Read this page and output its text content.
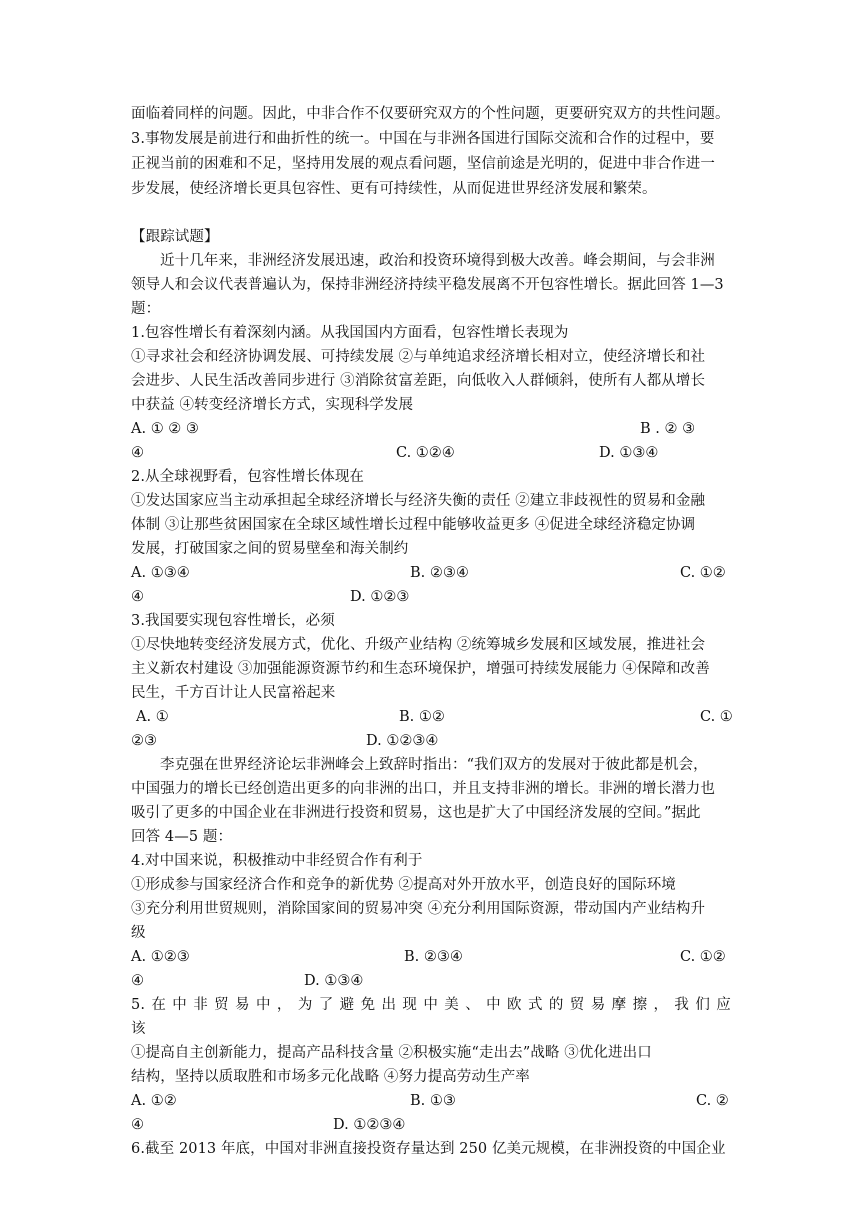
面临着同样的问题。因此，中非合作不仅要研究双方的个性问题，更要研究双方的共性问题。
3.事物发展是前进行和曲折性的统一。中国在与非洲各国进行国际交流和合作的过程中，要
正视当前的困难和不足，坚持用发展的观点看问题，坚信前途是光明的，促进中非合作进一
步发展，使经济增长更具包容性、更有可持续性，从而促进世界经济发展和繁荣。
【跟踪试题】
近十几年来，非洲经济发展迅速，政治和投资环境得到极大改善。峰会期间，与会非洲
领导人和会议代表普遍认为，保持非洲经济持续平稳发展离不开包容性增长。据此回答 1—3
题：
1.包容性增长有着深刻内涵。从我国国内方面看，包容性增长表现为
①寻求社会和经济协调发展、可持续发展 ②与单纯追求经济增长相对立，使经济增长和社
会进步、人民生活改善同步进行 ③消除贫富差距，向低收入人群倾斜，使所有人都从增长
中获益 ④转变经济增长方式，实现科学发展
A. ① ② ③	B . ② ③
④	C. ①②④	D. ①③④
2.从全球视野看，包容性增长体现在
①发达国家应当主动承担起全球经济增长与经济失衡的责任 ②建立非歧视性的贸易和金融
体制 ③让那些贫困国家在全球区域性增长过程中能够收益更多 ④促进全球经济稳定协调
发展，打破国家之间的贸易壁垒和海关制约
A. ①③④	B. ②③④	C. ①②
④	D. ①②③
3.我国要实现包容性增长，必须
①尽快地转变经济发展方式，优化、升级产业结构 ②统筹城乡发展和区域发展，推进社会
主义新农村建设 ③加强能源资源节约和生态环境保护，增强可持续发展能力 ④保障和改善
民生，千方百计让人民富裕起来
A. ①	B. ①②	C. ①
②③	D. ①②③④
李克强在世界经济论坛非洲峰会上致辞时指出：“我们双方的发展对于彼此都是机会，
中国强力的增长已经创造出更多的向非洲的出口，并且支持非洲的增长。非洲的增长潜力也
吸引了更多的中国企业在非洲进行投资和贸易，这也是扩大了中国经济发展的空间。”据此
回答 4—5 题：
4.对中国来说，积极推动中非经贸合作有利于
①形成参与国家经济合作和竞争的新优势 ②提高对外开放水平，创造良好的国际环境
③充分利用世贸规则，消除国家间的贸易冲突 ④充分利用国际资源，带动国内产业结构升
级
A. ①②③	B. ②③④	C. ①②
④	D. ①③④
5. 在 中 非 贸 易 中 ， 为 了 避 免 出 现 中 美 、 中 欧 式 的 贸 易 摩 擦 ， 我 们 应
该
①提高自主创新能力，提高产品科技含量 ②积极实施“走出去”战略 ③优化进出口
结构，坚持以质取胜和市场多元化战略 ④努力提高劳动生产率
A. ①②	B. ①③	C. ②
④	D. ①②③④
6.截至 2013 年底，中国对非洲直接投资存量达到 250 亿美元规模，在非洲投资的中国企业
